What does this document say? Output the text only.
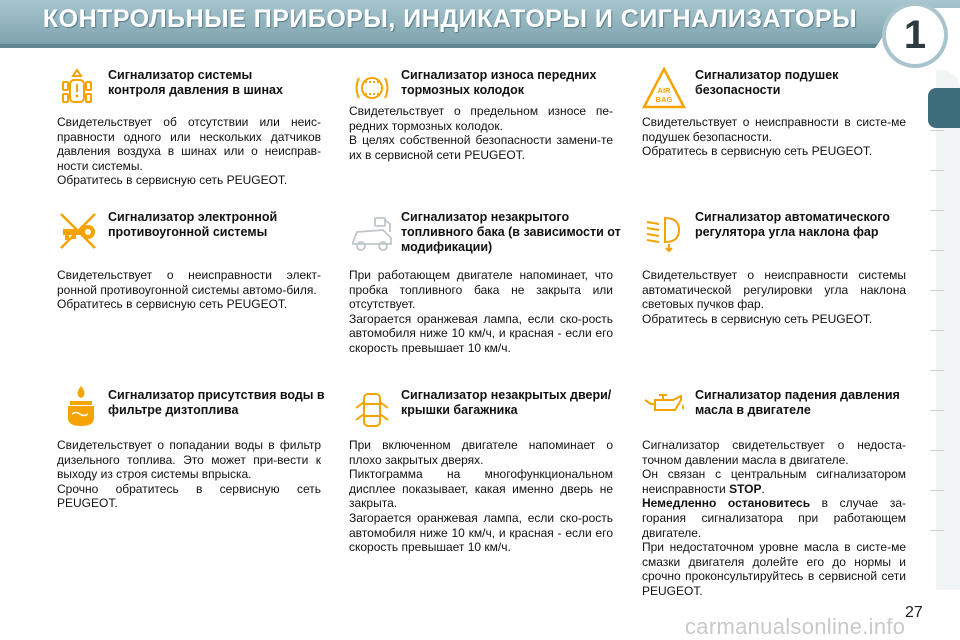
КОНТРОЛЬНЫЕ ПРИБОРЫ, ИНДИКАТОРЫ И СИГНАЛИЗАТОРЫ	1
Сигнализатор системы контроля давления в шинах

Свидетельствует об отсутствии или неис-правности одного или нескольких датчиков давления воздуха в шинах или о неисправ-ности системы.

Обратитесь в сервисную сеть PEUGEOT.

Сигнализатор износа передних тормозных колодок

Свидетельствует о предельном износе пе-редних тормозных колодок.

В целях собственной безопасности замени-те их в сервисной сети PEUGEOT.

AIR
BAG
Сигнализатор подушек безопасности

Свидетельствует о неисправности в систе-ме подушек безопасности.

Обратитесь в сервисную сеть PEUGEOT.

Сигнализатор электронной противоугонной системы

Свидетельствует о неисправности элект-ронной противоугонной системы автомо-биля.

Обратитесь в сервисную сеть PEUGEOT.

Сигнализатор незакрытого топливного бака (в зависимости от модификации)

При работающем двигателе напоминает, что пробка топливного бака не закрыта или отсутствует.

Загорается оранжевая лампа, если ско-рость автомобиля ниже 10 км/ч, и красная - если его скорость превышает 10 км/ч.

Сигнализатор автоматического регулятора угла наклона фар

Свидетельствует о неисправности системы автоматической регулировки угла наклона световых пучков фар.

Обратитесь в сервисную сеть PEUGEOT.

Сигнализатор присутствия воды в фильтре дизтоплива

Свидетельствует о попадании воды в фильтр дизельного топлива. Это может при-вести к выходу из строя системы впрыска.

Срочно обратитесь в сервисную сеть PEUGEOT.

Сигнализатор незакрытых двери/крышки багажника

При включенном двигателе напоминает о плохо закрытых дверях.

Пиктограмма на многофункциональном дисплее показывает, какая именно дверь не закрыта.

Загорается оранжевая лампа, если ско-рость автомобиля ниже 10 км/ч, и красная - если его скорость превышает 10 км/ч.

Сигнализатор падения давления масла в двигателе

Сигнализатор свидетельствует о недоста-точном давлении масла в двигателе.

Он связан с центральным сигнализатором неисправности STOP.

Немедленно остановитесь в случае за-горания сигнализатора при работающем двигателе.

При недостаточном уровне масла в систе-ме смазки двигателя долейте его до нормы и срочно проконсультируйтесь в сервисной сети PEUGEOT.

carmanualsonline.info
27
